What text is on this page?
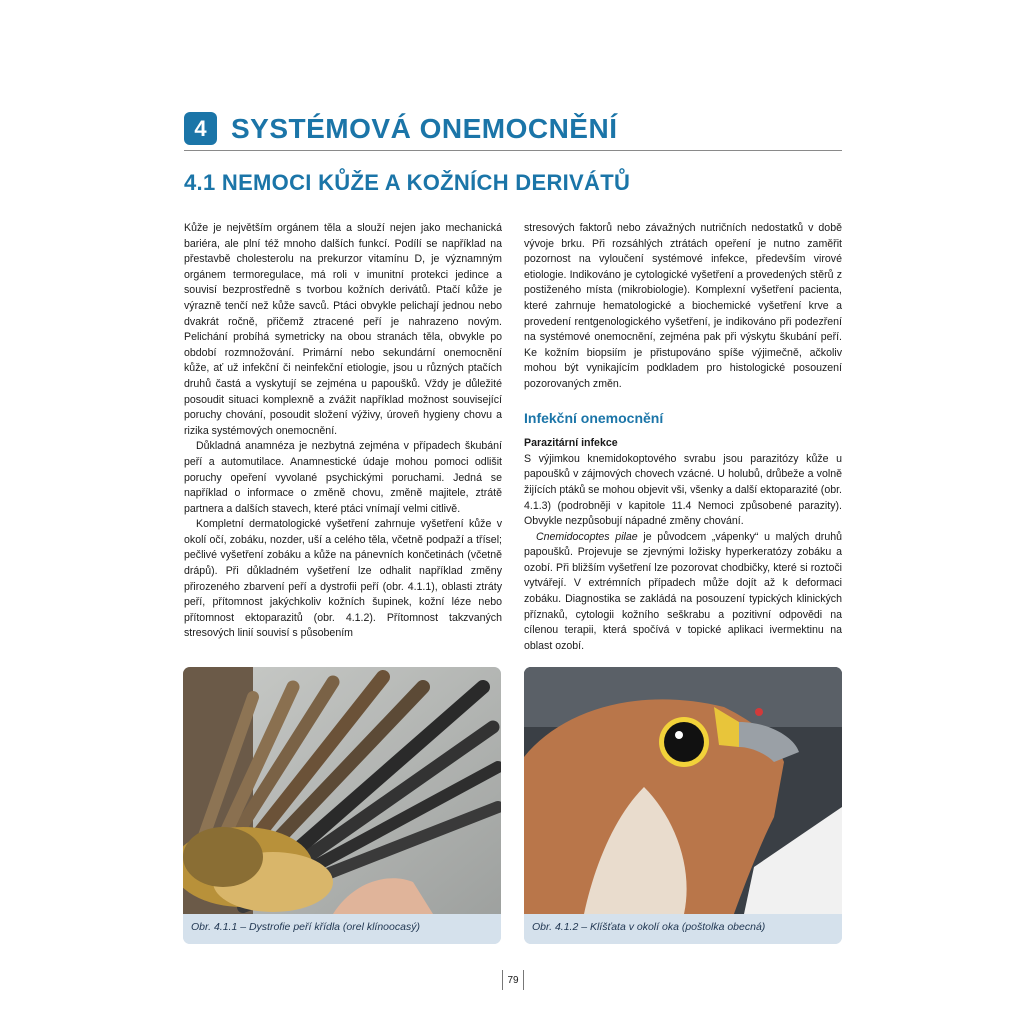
4 SYSTÉMOVÁ ONEMOCNĚNÍ
4.1 NEMOCI KŮŽE A KOŽNÍCH DERIVÁTŮ

Kůže je největším orgánem těla a slouží nejen jako mechanická bariéra, ale plní též mnoho dalších funkcí. Podílí se například na přestavbě cholesterolu na prekurzor vitamínu D, je významným orgánem termoregulace, má roli v imunitní protekci jedince a souvisí bezprostředně s tvorbou kožních derivátů. Ptačí kůže je výrazně tenčí než kůže savců. Ptáci obvykle pelichají jednou nebo dvakrát ročně, přičemž ztracené peří je nahrazeno novým. Pelichání probíhá symetricky na obou stranách těla, obvykle po období rozmnožování. Primární nebo sekundární onemocnění kůže, ať už infekční či neinfekční etiologie, jsou u různých ptačích druhů častá a vyskytují se zejména u papoušků. Vždy je důležité posoudit situaci komplexně a zvážit například možnost související poruchy chování, posoudit složení výživy, úroveň hygieny chovu a rizika systémových onemocnění.

Důkladná anamnéza je nezbytná zejména v případech škubání peří a automutilace. Anamnestické údaje mohou pomoci odlišit poruchy opeření vyvolané psychickými poruchami. Jedná se například o informace o změně chovu, změně majitele, ztrátě partnera a dalších stavech, které ptáci vnímají velmi citlivě.

Kompletní dermatologické vyšetření zahrnuje vyšetření kůže v okolí očí, zobáku, nozder, uší a celého těla, včetně podpaží a třísel; pečlivé vyšetření zobáku a kůže na pánevních končetinách (včetně drápů). Při důkladném vyšetření lze odhalit například změny přirozeného zbarvení peří a dystrofii peří (obr. 4.1.1), oblasti ztráty peří, přítomnost jakýchkoliv kožních šupinek, kožní léze nebo přítomnost ektoparazitů (obr. 4.1.2). Přítomnost takzvaných stresových linií souvisí s působením

stresových faktorů nebo závažných nutričních nedostatků v době vývoje brku. Při rozsáhlých ztrátách opeření je nutno zaměřit pozornost na vyloučení systémové infekce, především virové etiologie. Indikováno je cytologické vyšetření a provedených stěrů z postiženého místa (mikrobiologie). Komplexní vyšetření pacienta, které zahrnuje hematologické a biochemické vyšetření krve a provedení rentgenologického vyšetření, je indikováno při podezření na systémové onemocnění, zejména pak při výskytu škubání peří. Ke kožním biopsiím je přistupováno spíše výjimečně, ačkoliv mohou být vynikajícím podkladem pro histologické posouzení pozorovaných změn.

Infekční onemocnění

Parazitární infekce

S výjimkou knemidokoptového svrabu jsou parazitózy kůže u papoušků v zájmových chovech vzácné. U holubů, drůbeže a volně žijících ptáků se mohou objevit vši, všenky a další ektoparazité (obr. 4.1.3) (podrobněji v kapitole 11.4 Nemoci způsobené parazity). Obvykle nezpůsobují nápadné změny chování.

Cnemidocoptes pilae je původcem „vápenky“ u malých druhů papoušků. Projevuje se zjevnými ložisky hyperkeratózy zobáku a ozobí. Při bližším vyšetření lze pozorovat chodbičky, které si roztoči vytvářejí. V extrémních případech může dojít až k deformaci zobáku. Diagnostika se zakládá na posouzení typických klinických příznaků, cytologii kožního seškrabu a pozitivní odpovědi na cílenou terapii, která spočívá v topické aplikaci ivermektinu na oblast ozobí.

Obr. 4.1.1 – Dystrofie peří křídla (orel klínoocasý)	Obr. 4.1.2 – Klíšťata v okolí oka (poštolka obecná)
79
